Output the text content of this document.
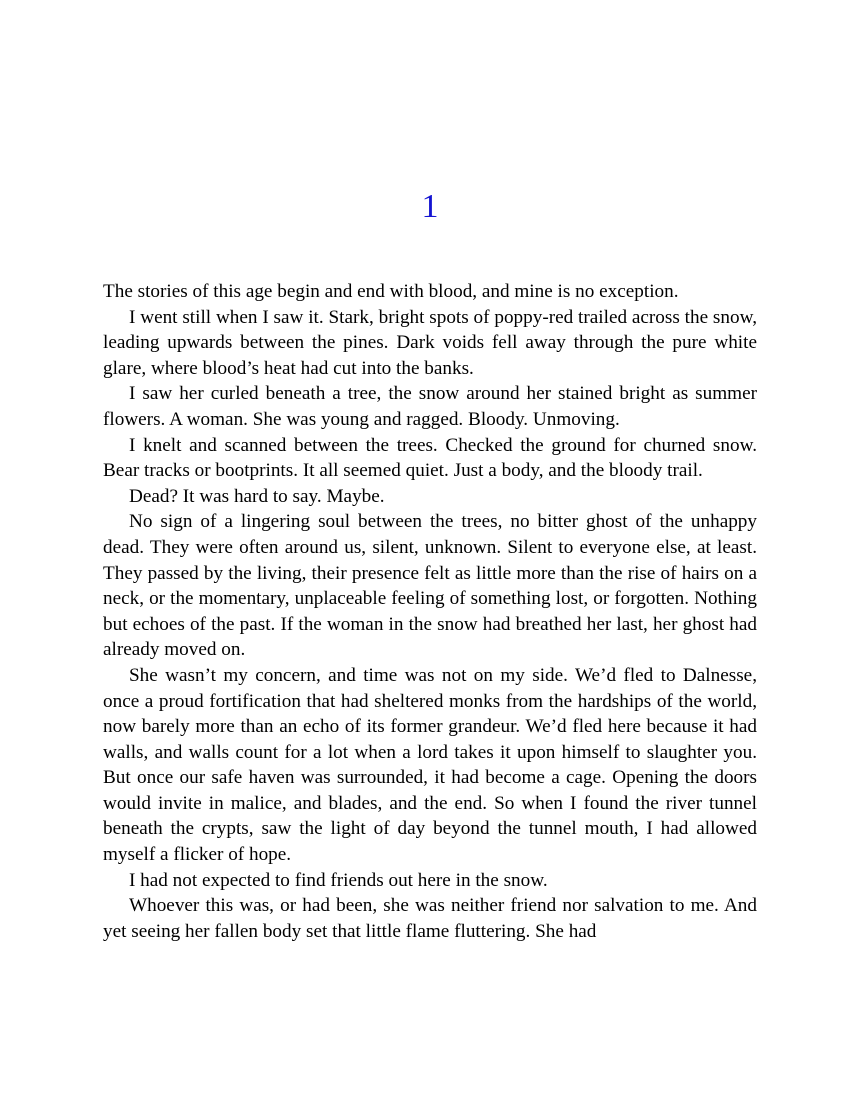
1

The stories of this age begin and end with blood, and mine is no exception.

I went still when I saw it. Stark, bright spots of poppy-red trailed across the snow, leading upwards between the pines. Dark voids fell away through the pure white glare, where blood’s heat had cut into the banks.

I saw her curled beneath a tree, the snow around her stained bright as summer flowers. A woman. She was young and ragged. Bloody. Unmoving.

I knelt and scanned between the trees. Checked the ground for churned snow. Bear tracks or bootprints. It all seemed quiet. Just a body, and the bloody trail.

Dead? It was hard to say. Maybe.

No sign of a lingering soul between the trees, no bitter ghost of the unhappy dead. They were often around us, silent, unknown. Silent to everyone else, at least. They passed by the living, their presence felt as little more than the rise of hairs on a neck, or the momentary, unplaceable feeling of something lost, or forgotten. Nothing but echoes of the past. If the woman in the snow had breathed her last, her ghost had already moved on.

She wasn’t my concern, and time was not on my side. We’d fled to Dalnesse, once a proud fortification that had sheltered monks from the hardships of the world, now barely more than an echo of its former grandeur. We’d fled here because it had walls, and walls count for a lot when a lord takes it upon himself to slaughter you. But once our safe haven was surrounded, it had become a cage. Opening the doors would invite in malice, and blades, and the end. So when I found the river tunnel beneath the crypts, saw the light of day beyond the tunnel mouth, I had allowed myself a flicker of hope.

I had not expected to find friends out here in the snow.

Whoever this was, or had been, she was neither friend nor salvation to me. And yet seeing her fallen body set that little flame fluttering. She had
